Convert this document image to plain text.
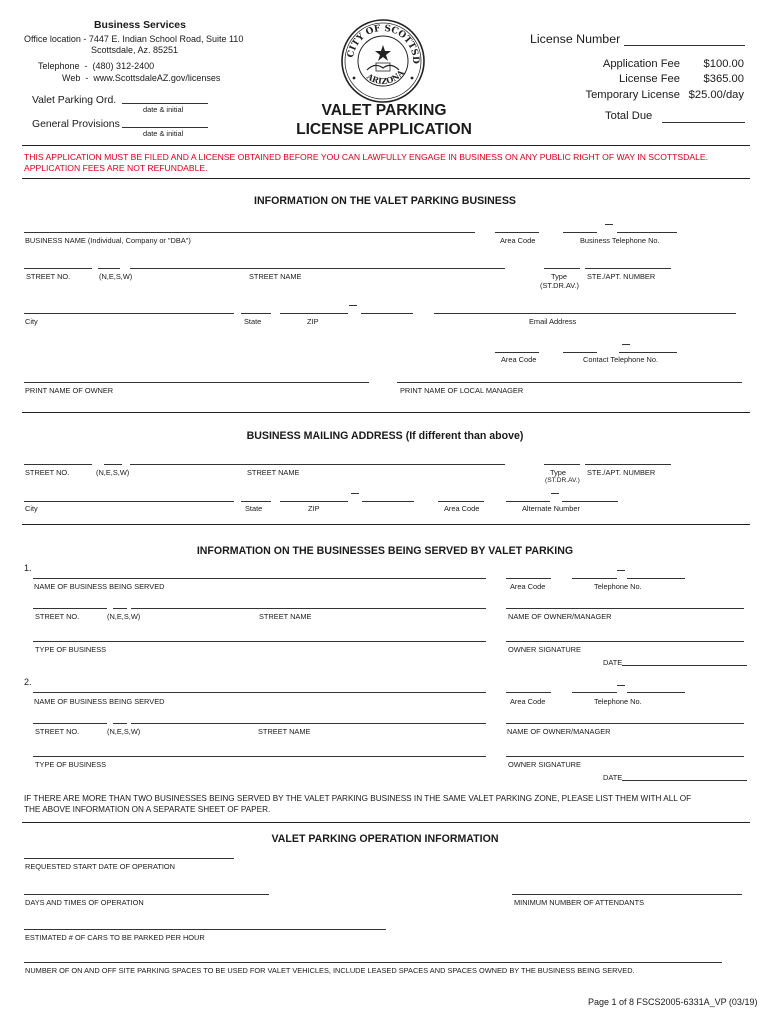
Business Services
Office location - 7447 E. Indian School Road, Suite 110
Scottsdale, Az. 85251
Telephone  -  (480) 312-2400
Web  -  www.ScottsdaleAZ.gov/licenses
Valet Parking Ord.
date & initial
General Provisions
date & initial
CITY OF SCOTTSD
ARIZONA
VALET PARKING
LICENSE APPLICATION
License Number
Application Fee	$100.00
License Fee	$365.00
Temporary License $25.00/day
Total Due
THIS APPLICATION MUST BE FILED AND A LICENSE OBTAINED BEFORE YOU CAN LAWFULLY ENGAGE IN BUSINESS ON ANY PUBLIC RIGHT OF WAY IN SCOTTSDALE.
APPLICATION FEES ARE NOT REFUNDABLE.
INFORMATION ON THE VALET PARKING BUSINESS
BUSINESS NAME (Individual, Company or "DBA")	Area Code	Business Telephone No.
STREET NO.	(N,E,S,W)	STREET NAME	Type
(ST.DR.AV.)
STE./APT. NUMBER
City	State	ZIP	Email Address
Area Code	Contact Telephone No.
PRINT NAME OF OWNER	PRINT NAME OF LOCAL MANAGER
BUSINESS MAILING ADDRESS (If different than above)
STREET NO.	(N,E,S,W)	STREET NAME	Type
(ST.DR.AV.)
STE./APT. NUMBER
City	State	ZIP	Area Code	Alternate Number
INFORMATION ON THE BUSINESSES BEING SERVED BY VALET PARKING
1.
NAME OF BUSINESS BEING SERVED	Area Code	Telephone No.
STREET NO.	(N,E,S,W)	STREET NAME	NAME OF OWNER/MANAGER
TYPE OF BUSINESS	OWNER SIGNATURE
DATE
2.
NAME OF BUSINESS BEING SERVED	Area Code	Telephone No.
STREET NO.	(N,E,S,W)	STREET NAME	NAME OF OWNER/MANAGER
TYPE OF BUSINESS	OWNER SIGNATURE
DATE
IF THERE ARE MORE THAN TWO BUSINESSES BEING SERVED BY THE VALET PARKING BUSINESS IN THE SAME VALET PARKING ZONE, PLEASE LIST THEM WITH ALL OF
THE ABOVE INFORMATION ON A SEPARATE SHEET OF PAPER.
VALET PARKING OPERATION INFORMATION
REQUESTED START DATE OF OPERATION
DAYS AND TIMES OF OPERATION	MINIMUM NUMBER OF ATTENDANTS
ESTIMATED # OF CARS TO BE PARKED PER HOUR
NUMBER OF ON AND OFF SITE PARKING SPACES TO BE USED FOR VALET VEHICLES, INCLUDE LEASED SPACES AND SPACES OWNED BY THE BUSINESS BEING SERVED.
Page 1 of 8 FSCS2005-6331A_VP (03/19)
